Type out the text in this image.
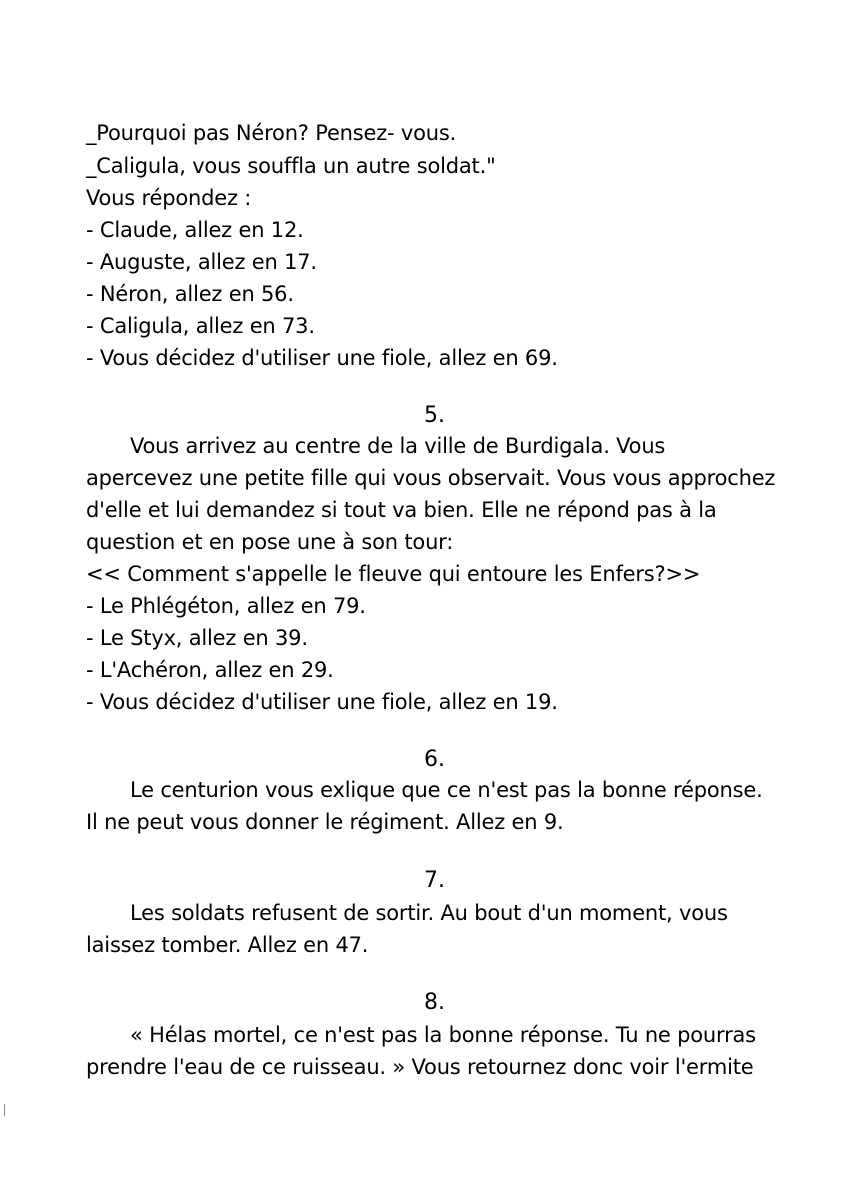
_Pourquoi pas Néron? Pensez- vous.
_Caligula, vous souffla un autre soldat."
Vous répondez :
- Claude, allez en 12.
- Auguste, allez en 17.
- Néron, allez en 56.
- Caligula, allez en 73.
- Vous décidez d'utiliser une fiole, allez en 69.
5.
Vous arrivez au centre de la ville de Burdigala. Vous
apercevez une petite fille qui vous observait. Vous vous approchez
d'elle et lui demandez si tout va bien. Elle ne répond pas à la
question et en pose une à son tour:
<< Comment s'appelle le fleuve qui entoure les Enfers?>>
- Le Phlégéton, allez en 79.
- Le Styx, allez en 39.
- L'Achéron, allez en 29.
- Vous décidez d'utiliser une fiole, allez en 19.
6.
Le centurion vous exlique que ce n'est pas la bonne réponse.
Il ne peut vous donner le régiment. Allez en 9.
7.
Les soldats refusent de sortir. Au bout d'un moment, vous
laissez tomber. Allez en 47.
8.
« Hélas mortel, ce n'est pas la bonne réponse. Tu ne pourras
prendre l'eau de ce ruisseau. » Vous retournez donc voir l'ermite
